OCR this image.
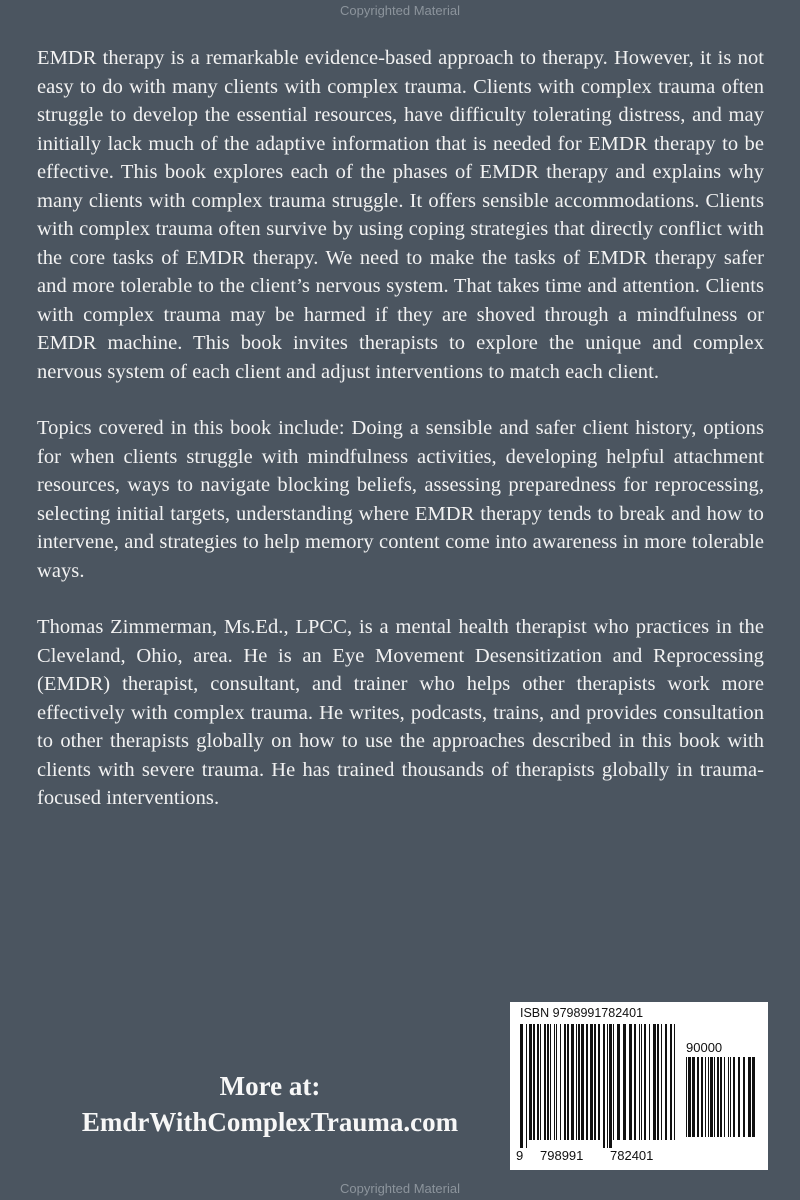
Copyrighted Material

EMDR therapy is a remarkable evidence-based approach to therapy. However, it is not easy to do with many clients with complex trauma. Clients with complex trauma often struggle to develop the essential resources, have difficulty tolerating distress, and may initially lack much of the adaptive information that is needed for EMDR therapy to be effective. This book explores each of the phases of EMDR therapy and explains why many clients with complex trauma struggle. It offers sensible accommodations. Clients with complex trauma often survive by using coping strategies that directly conflict with the core tasks of EMDR therapy. We need to make the tasks of EMDR therapy safer and more tolerable to the client’s nervous system. That takes time and attention. Clients with complex trauma may be harmed if they are shoved through a mindfulness or EMDR machine. This book invites therapists to explore the unique and complex nervous system of each client and adjust interventions to match each client.

Topics covered in this book include: Doing a sensible and safer client history, options for when clients struggle with mindfulness activities, developing helpful attachment resources, ways to navigate blocking beliefs, assessing preparedness for reprocessing, selecting initial targets, understanding where EMDR therapy tends to break and how to intervene, and strategies to help memory content come into awareness in more tolerable ways.

Thomas Zimmerman, Ms.Ed., LPCC, is a mental health therapist who practices in the Cleveland, Ohio, area. He is an Eye Movement Desensitization and Reprocessing (EMDR) therapist, consultant, and trainer who helps other therapists work more effectively with complex trauma. He writes, podcasts, trains, and provides consultation to other therapists globally on how to use the approaches described in this book with clients with severe trauma. He has trained thousands of therapists globally in trauma-focused interventions.

More at:
EmdrWithComplexTrauma.com
ISBN 9798991782401
90000
9 798991 782401
Copyrighted Material
